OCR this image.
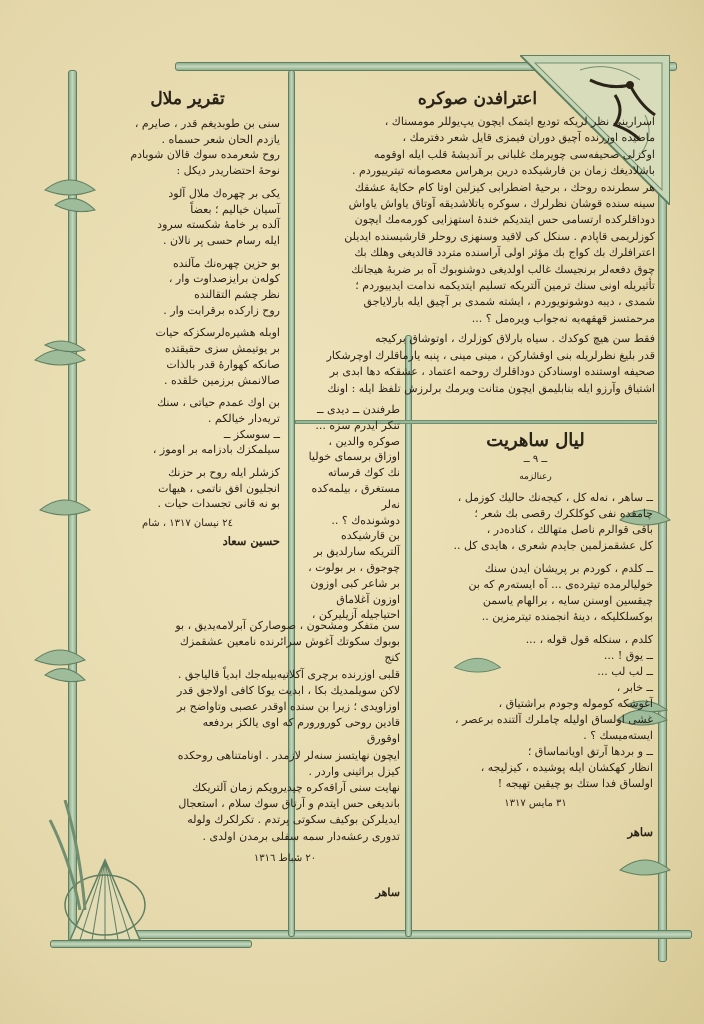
تقریر ملال

سنی بن طوبدیغم قدر ، صایرم ،

یازدم الحان شعر حسماه .

روح شعرمده سوك قالان شوبادم

نوحهٔ احتضاریدر دیکل :

یکی بر چهره‌ك ملال آلود

آسیان خیالیم ؛ بعضاً

آلده بر خامهٔ شکسته سرود

ایله رسام حسی پر نالان .

بو حزین چهره‌نك مآلنده

کوله‌ن برایزصداوت وار ،

نظر چشم التقالنده

روح زارکده برقرابت وار .

اوبله هشیره‌لرسکزکه حیات

بر یوتیمش سزی حقیقتده

صانکه کهوارهٔ قدر بالذات

صالانمش برزمین خلقده .

بن اوك عمدم حیاتی ، سنك

تریه‌دار خیالکم .

ــ سوسکز ــ

سیلمکزك بادزامه بر اوموز ،

کزشلر ایله روح بر حزنك

انجلیون افق ناتمی ، هیهات

بو نه قانی تجسدات حیات .

۲٤ نیسان ۱۳۱۷ ، شام
حسین سعاد

سن متفکر ومشحون ، صوصارکن آبرلامه‌یدیق ، بو

بوبوك سکوتك آغوش سرائرنده نامعین عشقمزك کنج

قلبی اوزرنده برچری آکلاتیه‌بیله‌جك ابدیاً قالیاجق .

لاکن سویلمدیك بکا ، ابدیت یوکا کافی اولاجق قدر

اوزاویدی ؛ زیرا بن سنده اوقدر عصبی وتاواضح بر

قادین روحی کورورورم که اوی یالکز بردفعه اوقورق

ایچون نهایتسز سنه‌لر لازمدر . اونامتناهی روحکده

کیزل براثینی واردر .

نهایت سنی آراقه‌کره چیدیرویکم زمان آلتریکك

باندیغی حس ایتدم و آرتاق سوك سلام ، استعجال

ایدیلرکن بوکیف سکوتی پرتدم . تکرلکرك ولوله

تدوری رعشه‌دار سمه سفلی برمدن اولدی .

۲۰ شباط ۱۳۱٦
ساهر
اعترافدن صوکره

اسرارینی نظر لریکه تودیع ایتمک ایچون یپ‌یوللر مومسناك ،

ماضیده اوزرنده آچیق دوران فیمزی قایل شعر دفترمك ،

اوکزلی صحیفه‌سی چویرمك غلبانی بر آندیشهٔ قلب ایله اوقومه

باشلادیغك زمان بن فارشیکده درین برهراس معصومانه تیترییوردم .

هر سطرنده روحك ، برحیهٔ اضطرابی کیزلین اوتا کام حکایهٔ عشقك

سینه سنده قوشان نظرلرك ، سوکره یاتلاشدیقه آوتاق یاواش یاواش

دوداقلرکده ارتسامی حس ایتدیکم خندهٔ استهزایی کورمه‌مك ایچون

کوزلریمی قاپادم . سنکل کی لاقید وسنهزی روحلر قارشیسنده ایدیلن

اعترافلرك بك کواج بك مؤثر اولی آراسنده متردد قالدیغی وهلك بك

چوق دفعه‌لر بر‌نجیسك غالب اولدیغی دوشنوبوك آه بر ضربهٔ هیجانك

تأثیریله اونی سنك ترمین آلتریکه تسلیم ایتدیکمه ندامت ایدییوردم ؛

شمدی ، دیبه دوشونویوردم ، ایشته شمدی بر آچیق ایله بارلایاجق

مرحمتسز قهقهه‌یه نه‌جواب ویره‌مل ؟ ...

فقط سن هیچ کوکدك . سیاه بارلاق کوزلرك ، اوتوشاق برکیجه

قدر بلیغ نظرلریله بنی اوقشارکن ، مینی مینی ، پنبه یارماقلرك اوچرشکار

صحیفه اوستنده اوسنادکن دوداقلرك روحمه اعتماد ، عشقکه دها ابدی بر

اشتیاق وآرزو ایله بنابلیمق ایچون متانت ویرمك برلرزش تلفظ ایله : اونك

طرفندن ــ دیدی ــ

تنکر ایدرم سزه ...

صوکره والدین ،

اوزاق برسمای خولیا

نك کوك قرساته

مستغرق ، بیلمه‌کده نه‌لر

دوشونده‌ك ؟ ..

بن قارشیکده

آلتریکه سارلدیق بر

چوجوق ، بر بولوت ،

بر شاعر کبی اوزون

اوزون آغلاماق

احتیاجیله آزیلیرکن ،

لیال ساهریت
ــ ۹ ــ
رعنالزمه

ــ ساهر ، نه‌له کل ، کیجه‌نك حالیك کوزمل ،

چامقده نفی کوکلکرك رقصی بك شعر ؛

باقی قوالرم ناصل متهالك ، کناده‌در ،

کل عشقمزلمین جایدم شعری ، هایدی کل ..

ــ کلدم ، کوردم بر پریشان ایدن سنك

خولیالرمده تیترده‌ی ... آه ایسته‌رم که بن

چیقسین اوسنن سایه ، برالهام یاسمن

بوکسلکلیکه ، دینهٔ انجمنده تیترمزین ..

کلدم ، سنکله قول قوله ، ...

ــ یوق ! ...

ــ لب لب ...

ــ خابر ،

آغوشکه کوموله وجودم براشتیاق ،

غشی اولساق اولیله چاملرك آلتنده برعصر ،

ایسته‌میسك ؟ .

ــ و بردها آرتق اویانماساق ؛

انظار کهکشان ایله پوشیده ، کیزلیجه ،

اولساق فدا ستك بو چیقین تهیجه !

۳۱ مایس ۱۳۱۷
ساهر
